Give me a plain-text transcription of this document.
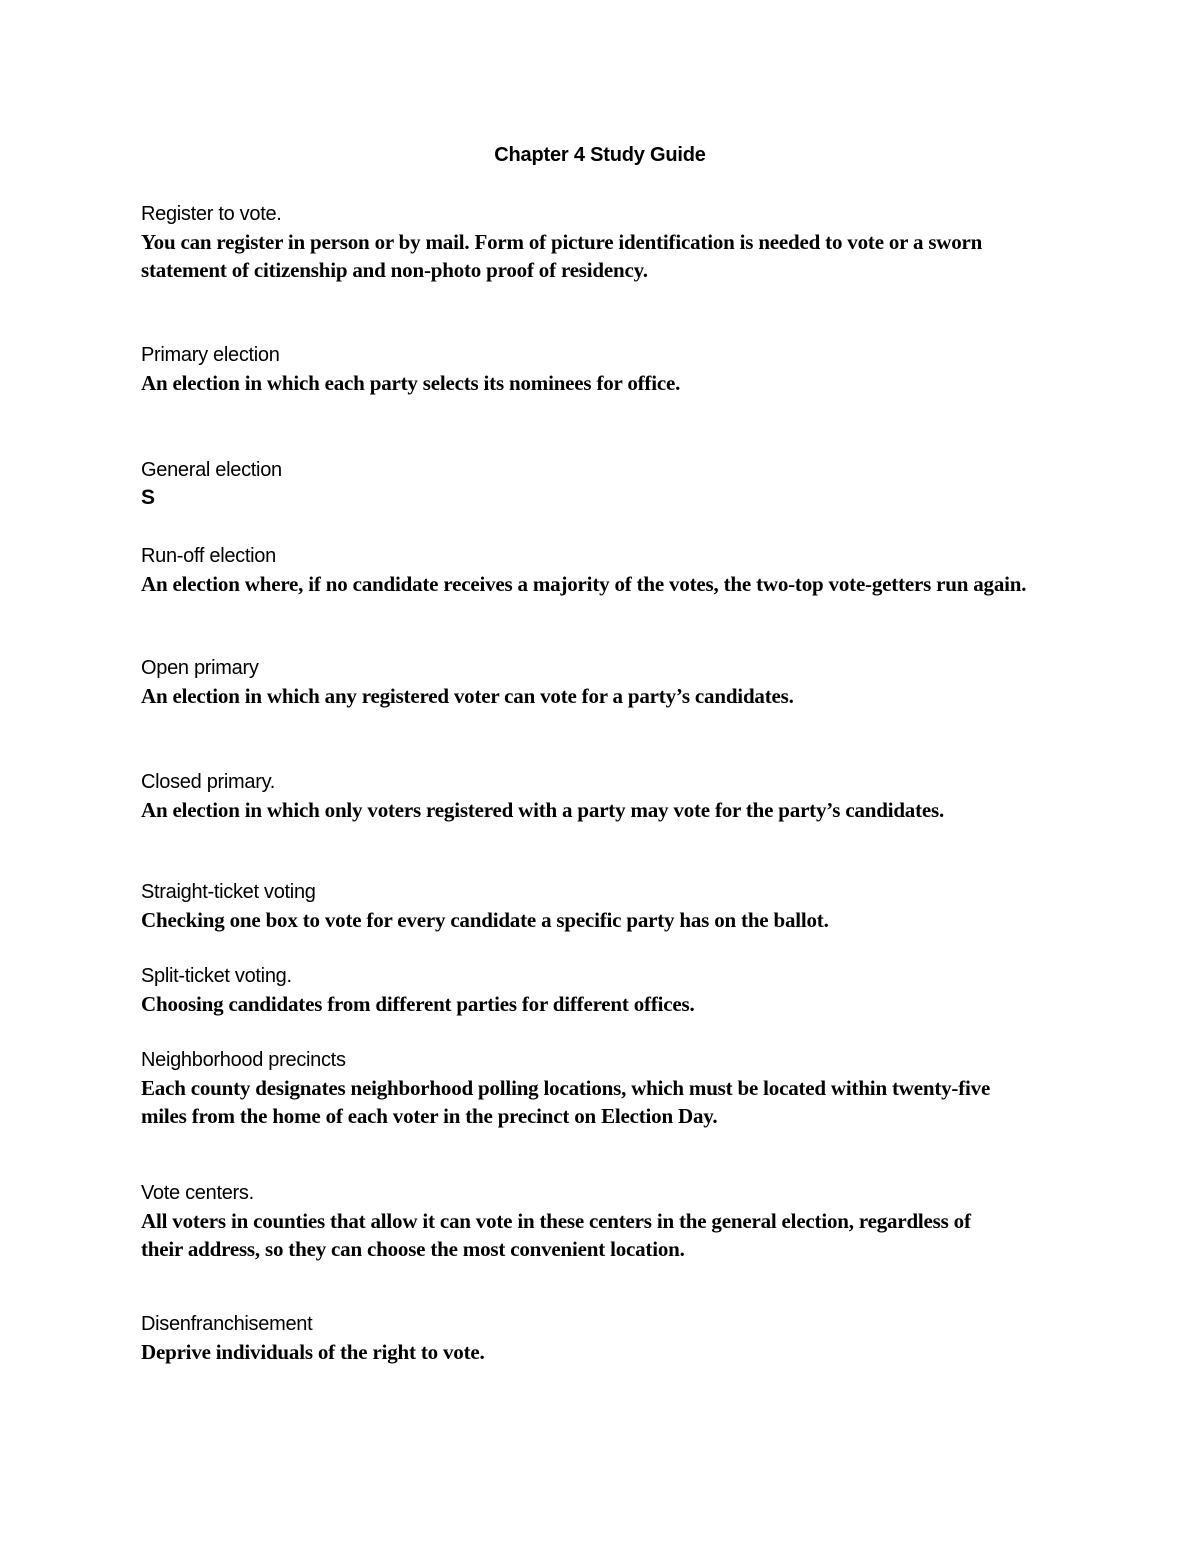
Chapter 4 Study Guide
Register to vote.
You can register in person or by mail. Form of picture identification is needed to vote or a sworn statement of citizenship and non-photo proof of residency.
Primary election
An election in which each party selects its nominees for office.
General election
S
Run-off election
An election where, if no candidate receives a majority of the votes, the two-top vote-getters run again.
Open primary
An election in which any registered voter can vote for a party’s candidates.
Closed primary.
An election in which only voters registered with a party may vote for the party’s candidates.
Straight-ticket voting
Checking one box to vote for every candidate a specific party has on the ballot.
Split-ticket voting.
Choosing candidates from different parties for different offices.
Neighborhood precincts
Each county designates neighborhood polling locations, which must be located within twenty-five miles from the home of each voter in the precinct on Election Day.
Vote centers.
All voters in counties that allow it can vote in these centers in the general election, regardless of their address, so they can choose the most convenient location.
Disenfranchisement
Deprive individuals of the right to vote.
